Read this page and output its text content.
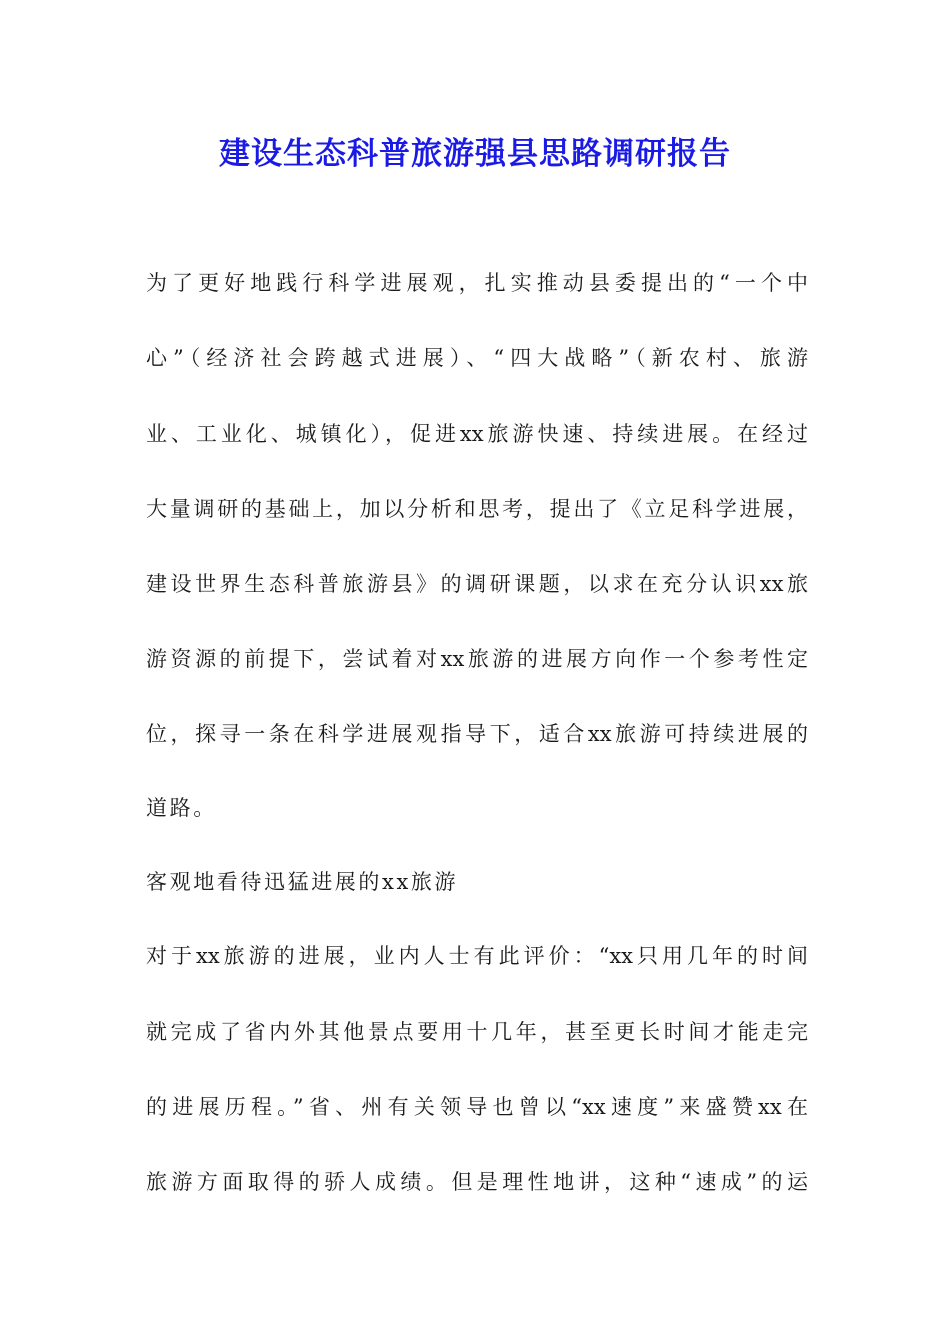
建设生态科普旅游强县思路调研报告

为了更好地践行科学进展观，扎实推动县委提出的“一个中

心”（经济社会跨越式进展）、“四大战略”（新农村、旅游

业、工业化、城镇化），促进xx旅游快速、持续进展。在经过

大量调研的基础上，加以分析和思考，提出了《立足科学进展，

建设世界生态科普旅游县》的调研课题，以求在充分认识xx旅

游资源的前提下，尝试着对xx旅游的进展方向作一个参考性定

位，探寻一条在科学进展观指导下，适合xx旅游可持续进展的

道路。

客观地看待迅猛进展的xx旅游

对于xx旅游的进展，业内人士有此评价：“xx只用几年的时间

就完成了省内外其他景点要用十几年，甚至更长时间才能走完

的进展历程。”省、州有关领导也曾以“xx速度”来盛赞xx在

旅游方面取得的骄人成绩。但是理性地讲，这种“速成”的运
